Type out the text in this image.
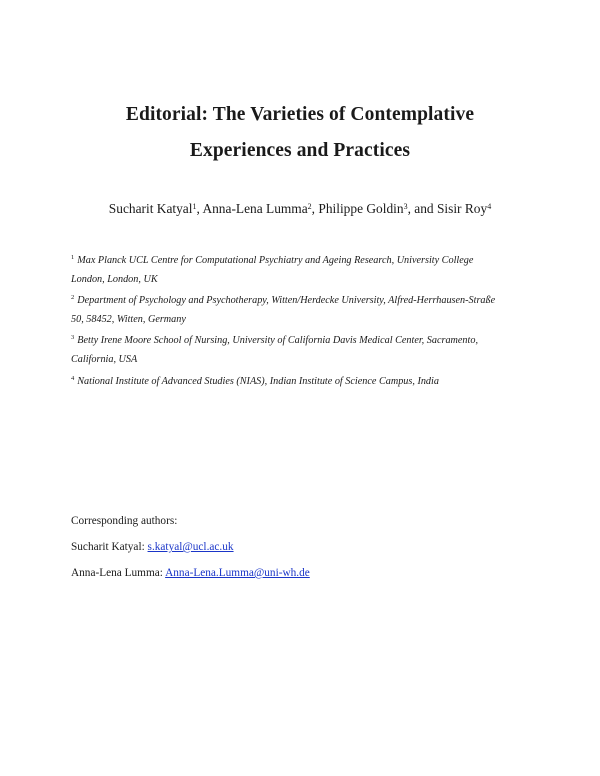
Editorial: The Varieties of Contemplative
Experiences and Practices
Sucharit Katyal$^1$, Anna-Lena Lumma$^2$, Philippe Goldin$^3$, and Sisir Roy$^4$
$^1$ Max Planck UCL Centre for Computational Psychiatry and Ageing Research, University College
London, London, UK
$^2$ Department of Psychology and Psychotherapy, Witten/Herdecke University, Alfred-Herrhausen-Straße
50, 58452, Witten, Germany
$^3$ Betty Irene Moore School of Nursing, University of California Davis Medical Center, Sacramento,
California, USA
$^4$ National Institute of Advanced Studies (NIAS), Indian Institute of Science Campus, India
Corresponding authors:
Sucharit Katyal: s.katyal@ucl.ac.uk
Anna-Lena Lumma: Anna-Lena.Lumma@uni-wh.de
